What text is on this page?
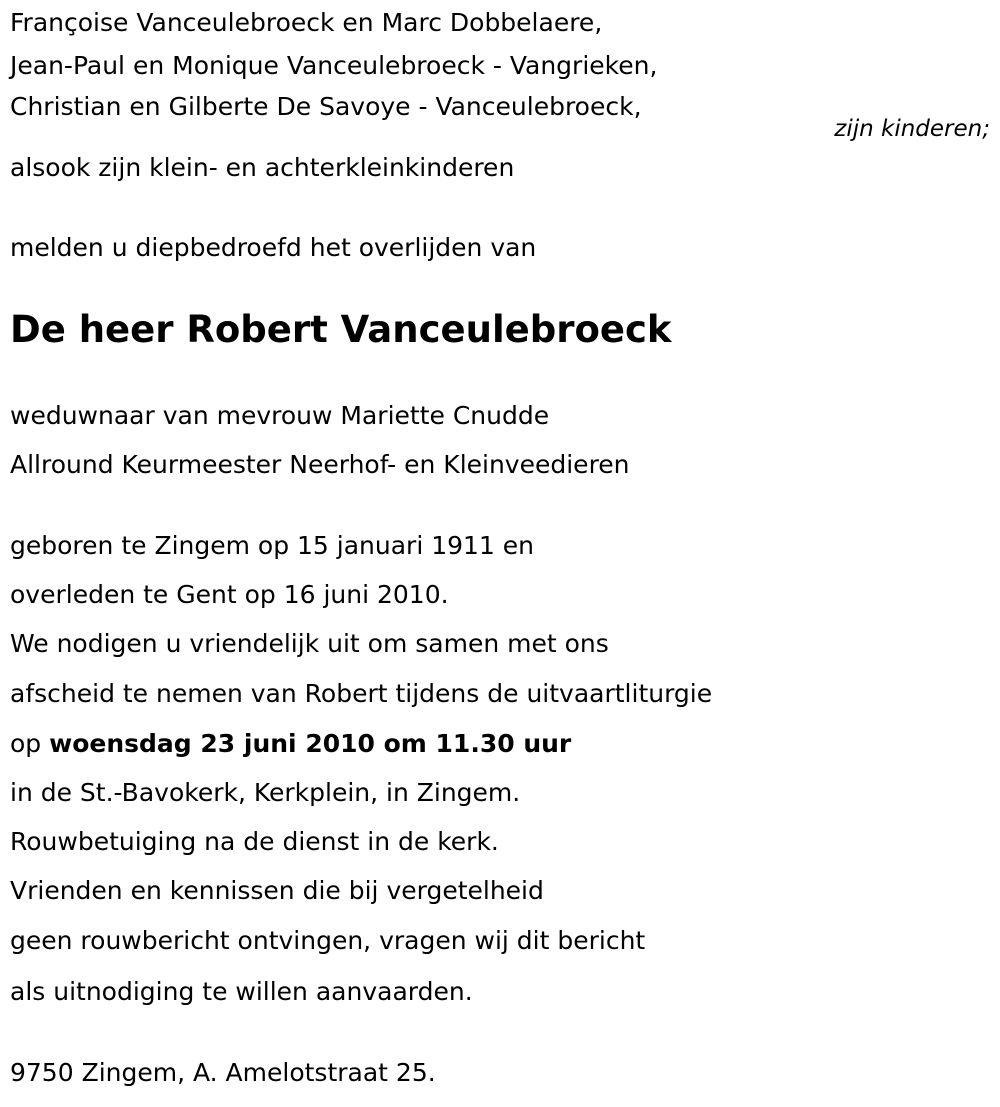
Françoise Vanceulebroeck en Marc Dobbelaere,
Jean-Paul en Monique Vanceulebroeck - Vangrieken,
Christian en Gilberte De Savoye - Vanceulebroeck,
zijn kinderen;
alsook zijn klein- en achterkleinkinderen
melden u diepbedroefd het overlijden van
De heer Robert Vanceulebroeck
weduwnaar van mevrouw Mariette Cnudde
Allround Keurmeester Neerhof- en Kleinveedieren
geboren te Zingem op 15 januari 1911 en
overleden te Gent op 16 juni 2010.
We nodigen u vriendelijk uit om samen met ons
afscheid te nemen van Robert tijdens de uitvaartliturgie
op woensdag 23 juni 2010 om 11.30 uur
in de St.-Bavokerk, Kerkplein, in Zingem.
Rouwbetuiging na de dienst in de kerk.
Vrienden en kennissen die bij vergetelheid
geen rouwbericht ontvingen, vragen wij dit bericht
als uitnodiging te willen aanvaarden.
9750 Zingem, A. Amelotstraat 25.
